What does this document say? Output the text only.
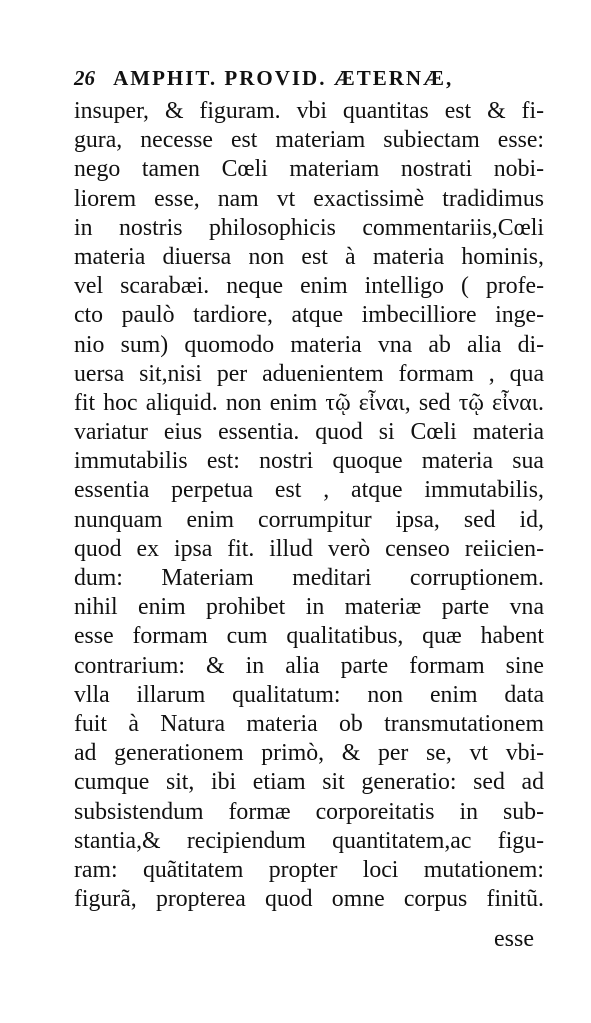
26 AMPHIT. PROVID. ÆTERNÆ,
insuper, & figuram. vbi quantitas est & fi-
gura, necesse est materiam subiectam esse:
nego tamen Cœli materiam nostrati nobi-
liorem esse, nam vt exactissimè tradidimus
in nostris philosophicis commentariis,Cœli
materia diuersa non est à materia hominis,
vel scarabæi. neque enim intelligo ( profe-
cto paulò tardiore, atque imbecilliore inge-
nio sum) quomodo materia vna ab alia di-
uersa sit,nisi per aduenientem formam , qua
fit hoc aliquid. non enim τῷ εἶναι, sed τῷ εἶναι.
variatur eius essentia. quod si Cœli materia
immutabilis est: nostri quoque materia sua
essentia perpetua est , atque immutabilis,
nunquam enim corrumpitur ipsa, sed id,
quod ex ipsa fit. illud verò censeo reiicien-
dum: Materiam meditari corruptionem.
nihil enim prohibet in materiæ parte vna
esse formam cum qualitatibus, quæ habent
contrarium: & in alia parte formam sine
vlla illarum qualitatum: non enim data
fuit à Natura materia ob transmutationem
ad generationem primò, & per se, vt vbi-
cumque sit, ibi etiam sit generatio: sed ad
subsistendum formæ corporeitatis in sub-
stantia,& recipiendum quantitatem,ac figu-
ram: quãtitatem propter loci mutationem:
figurã, propterea quod omne corpus finitũ.
esse
